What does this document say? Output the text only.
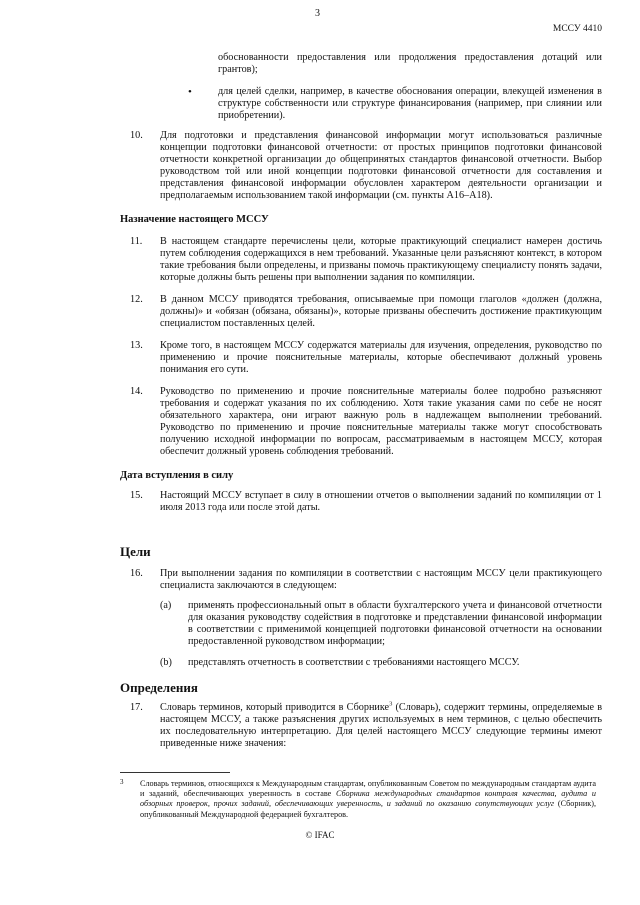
3
МССУ 4410

обоснованности предоставления или продолжения предоставления дотаций или грантов);

•	для целей сделки, например, в качестве обоснования операции, влекущей изменения в структуре собственности или структуре финансирования (например, при слиянии или приобретении).

10. Для подготовки и представления финансовой информации могут использоваться различные концепции подготовки финансовой отчетности: от простых принципов подготовки финансовой отчетности конкретной организации до общепринятых стандартов финансовой отчетности. Выбор руководством той или иной концепции подготовки финансовой отчетности для составления и представления финансовой информации обусловлен характером деятельности организации и предполагаемым использованием такой информации (см. пункты А16–А18).

Назначение настоящего МССУ
11. В настоящем стандарте перечислены цели, которые практикующий специалист намерен достичь путем соблюдения содержащихся в нем требований. Указанные цели разъясняют контекст, в котором такие требования были определены, и призваны помочь практикующему специалисту понять задачи, которые должны быть решены при выполнении задания по компиляции.

12. В данном МССУ приводятся требования, описываемые при помощи глаголов «должен (должна, должны)» и «обязан (обязана, обязаны)», которые призваны обеспечить достижение практикующим специалистом поставленных целей.

13. Кроме того, в настоящем МССУ содержатся материалы для изучения, определения, руководство по применению и прочие пояснительные материалы, которые обеспечивают должный уровень понимания его сути.

14. Руководство по применению и прочие пояснительные материалы более подробно разъясняют требования и содержат указания по их соблюдению. Хотя такие указания сами по себе не носят обязательного характера, они играют важную роль в надлежащем выполнении требований. Руководство по применению и прочие пояснительные материалы также могут способствовать получению исходной информации по вопросам, рассматриваемым в настоящем МССУ, которая обеспечит должный уровень соблюдения требований.

Дата вступления в силу
15. Настоящий МССУ вступает в силу в отношении отчетов о выполнении заданий по компиляции от 1 июля 2013 года или после этой даты.

Цели
16. При выполнении задания по компиляции в соответствии с настоящим МССУ цели практикующего специалиста заключаются в следующем:

(a) применять профессиональный опыт в области бухгалтерского учета и финансовой отчетности для оказания руководству содействия в подготовке и представлении финансовой информации в соответствии с применимой концепцией подготовки финансовой отчетности на основании предоставленной руководством информации;

(b) представлять отчетность в соответствии с требованиями настоящего МССУ.

Определения
17. Словарь терминов, который приводится в Сборнике$^3$ (Словарь), содержит термины, определяемые в настоящем МССУ, а также разъяснения других используемых в нем терминов, с целью обеспечить их последовательную интерпретацию. Для целей настоящего МССУ следующие термины имеют приведенные ниже значения:

3 Словарь терминов, относящихся к Международным стандартам, опубликованным Советом по международным стандартам аудита и заданий, обеспечивающих уверенность в составе Сборника международных стандартов контроля качества, аудита и обзорных проверок, прочих заданий, обеспечивающих уверенность, и заданий по оказанию сопутствующих услуг (Сборник), опубликованный Международной федерацией бухгалтеров.

© IFAC
